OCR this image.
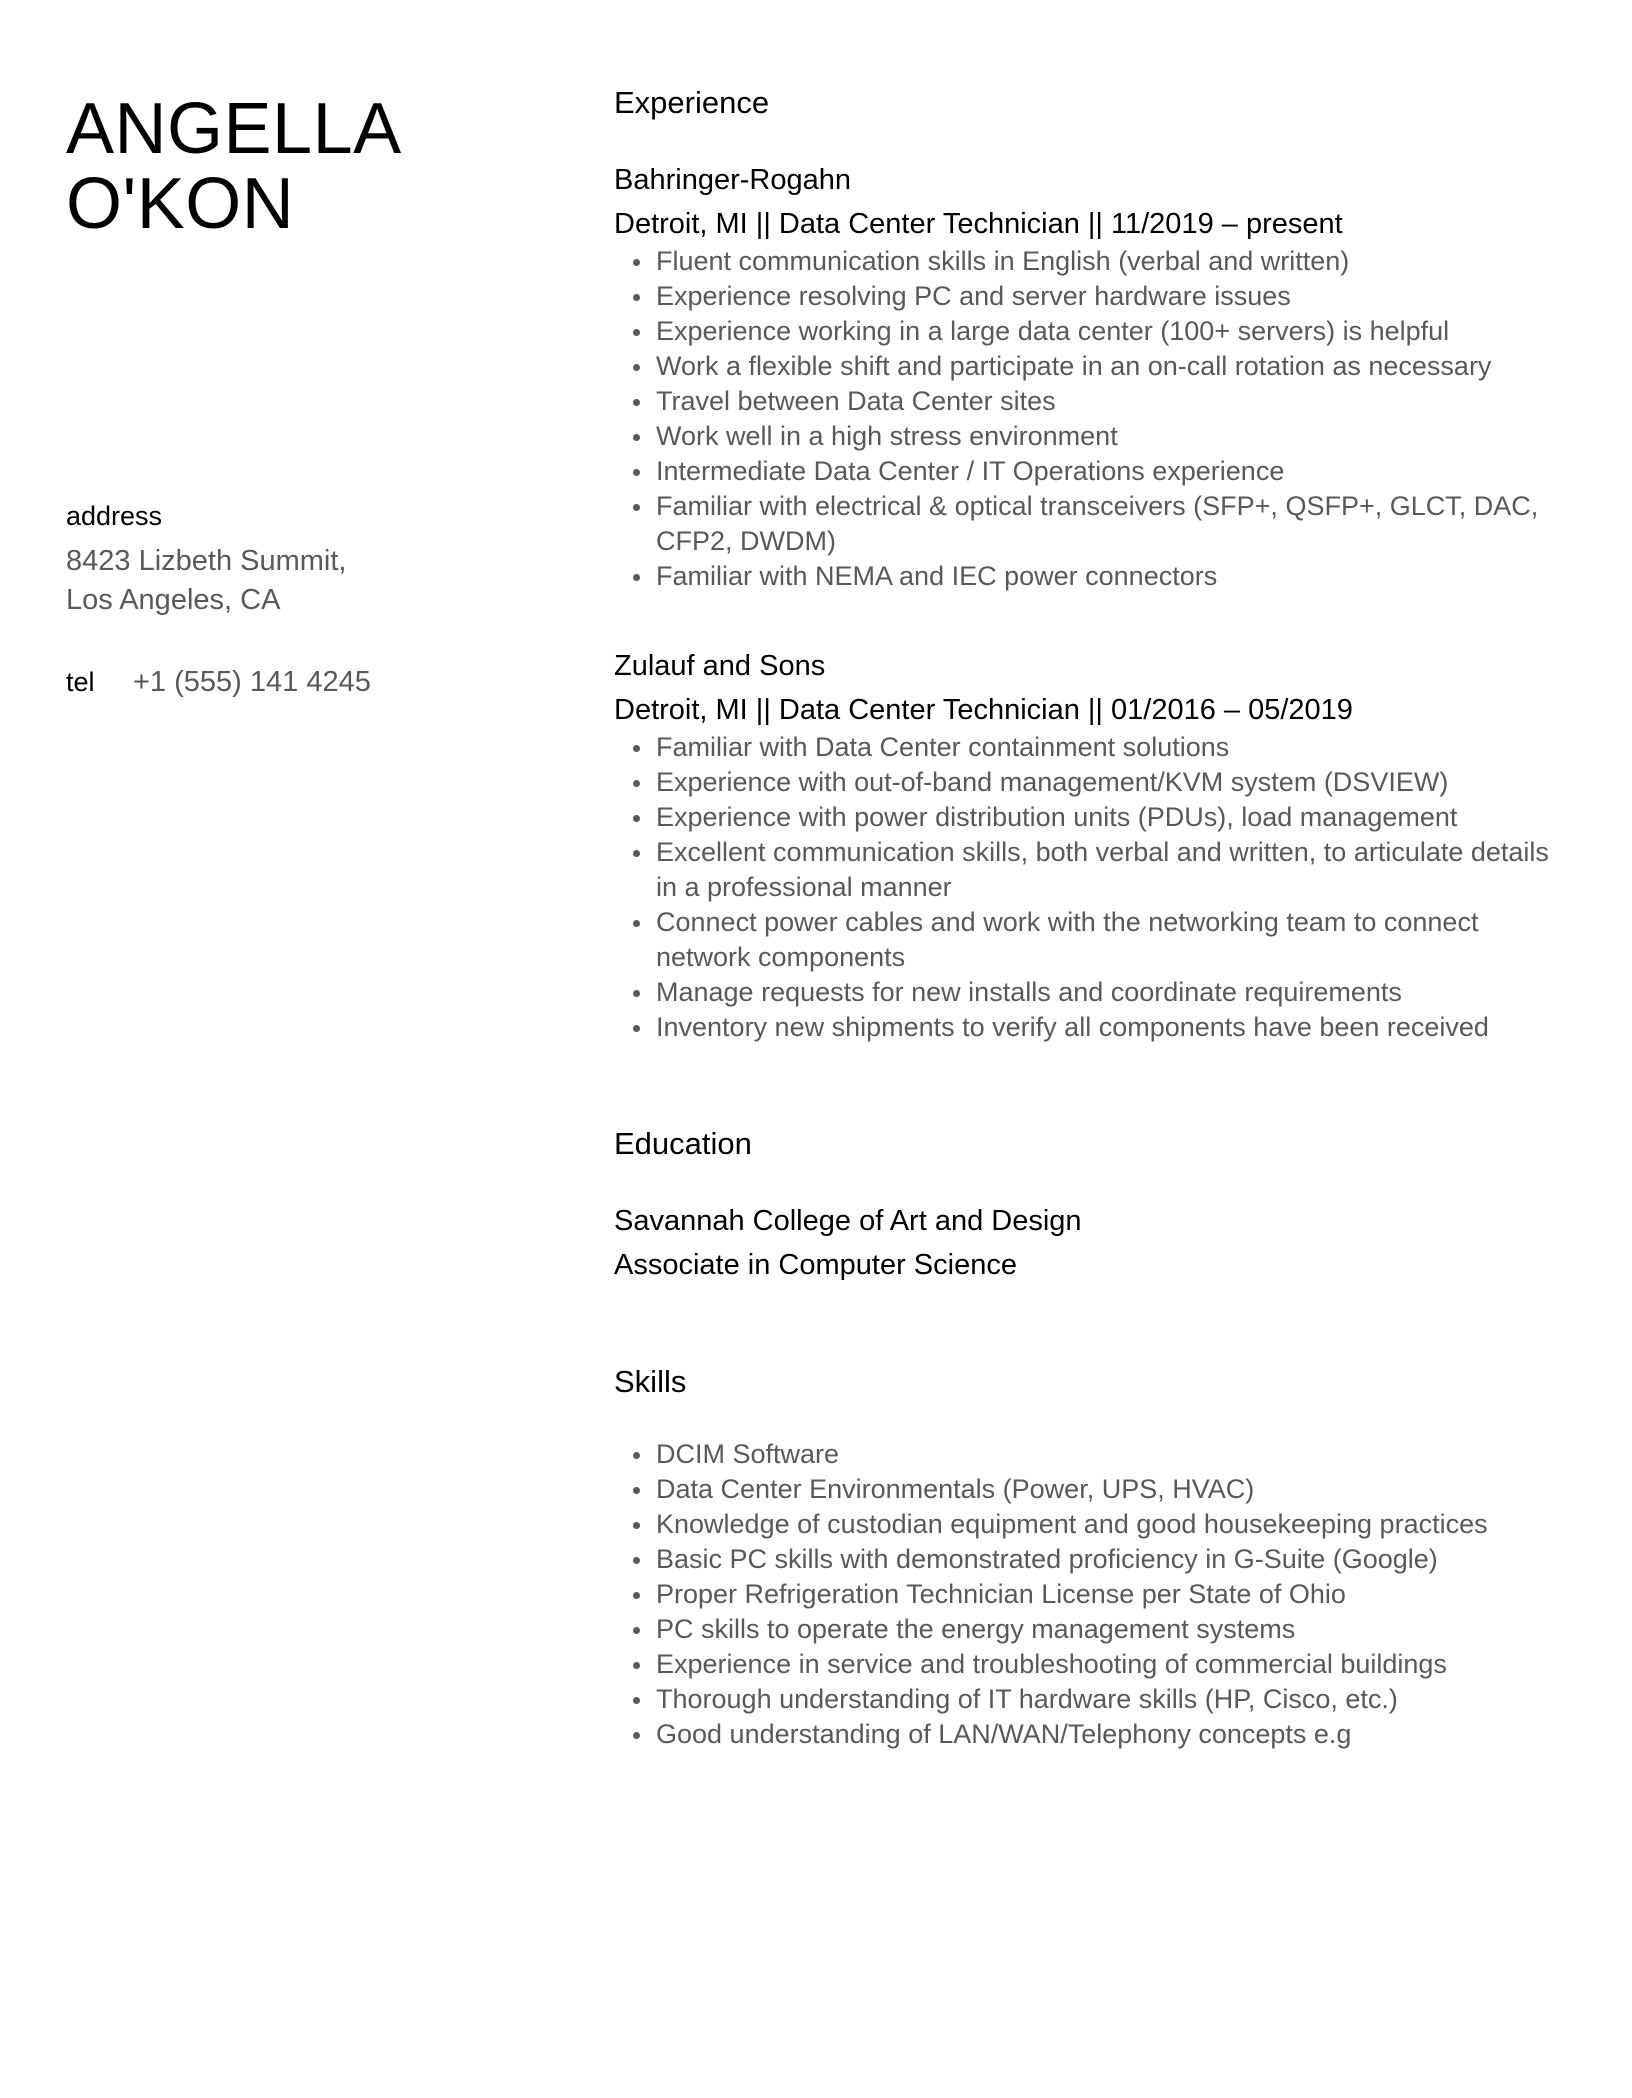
ANGELLA
O'KON
address
8423 Lizbeth Summit,
Los Angeles, CA
tel	+1 (555) 141 4245
Experience
Bahringer-Rogahn
Detroit, MI || Data Center Technician || 11/2019 – present
Fluent communication skills in English (verbal and written)
Experience resolving PC and server hardware issues
Experience working in a large data center (100+ servers) is helpful
Work a flexible shift and participate in an on-call rotation as necessary
Travel between Data Center sites
Work well in a high stress environment
Intermediate Data Center / IT Operations experience
Familiar with electrical & optical transceivers (SFP+, QSFP+, GLCT, DAC, CFP2, DWDM)
Familiar with NEMA and IEC power connectors
Zulauf and Sons
Detroit, MI || Data Center Technician || 01/2016 – 05/2019
Familiar with Data Center containment solutions
Experience with out-of-band management/KVM system (DSVIEW)
Experience with power distribution units (PDUs), load management
Excellent communication skills, both verbal and written, to articulate details in a professional manner
Connect power cables and work with the networking team to connect network components
Manage requests for new installs and coordinate requirements
Inventory new shipments to verify all components have been received
Education
Savannah College of Art and Design
Associate in Computer Science
Skills
DCIM Software
Data Center Environmentals (Power, UPS, HVAC)
Knowledge of custodian equipment and good housekeeping practices
Basic PC skills with demonstrated proficiency in G-Suite (Google)
Proper Refrigeration Technician License per State of Ohio
PC skills to operate the energy management systems
Experience in service and troubleshooting of commercial buildings
Thorough understanding of IT hardware skills (HP, Cisco, etc.)
Good understanding of LAN/WAN/Telephony concepts e.g
